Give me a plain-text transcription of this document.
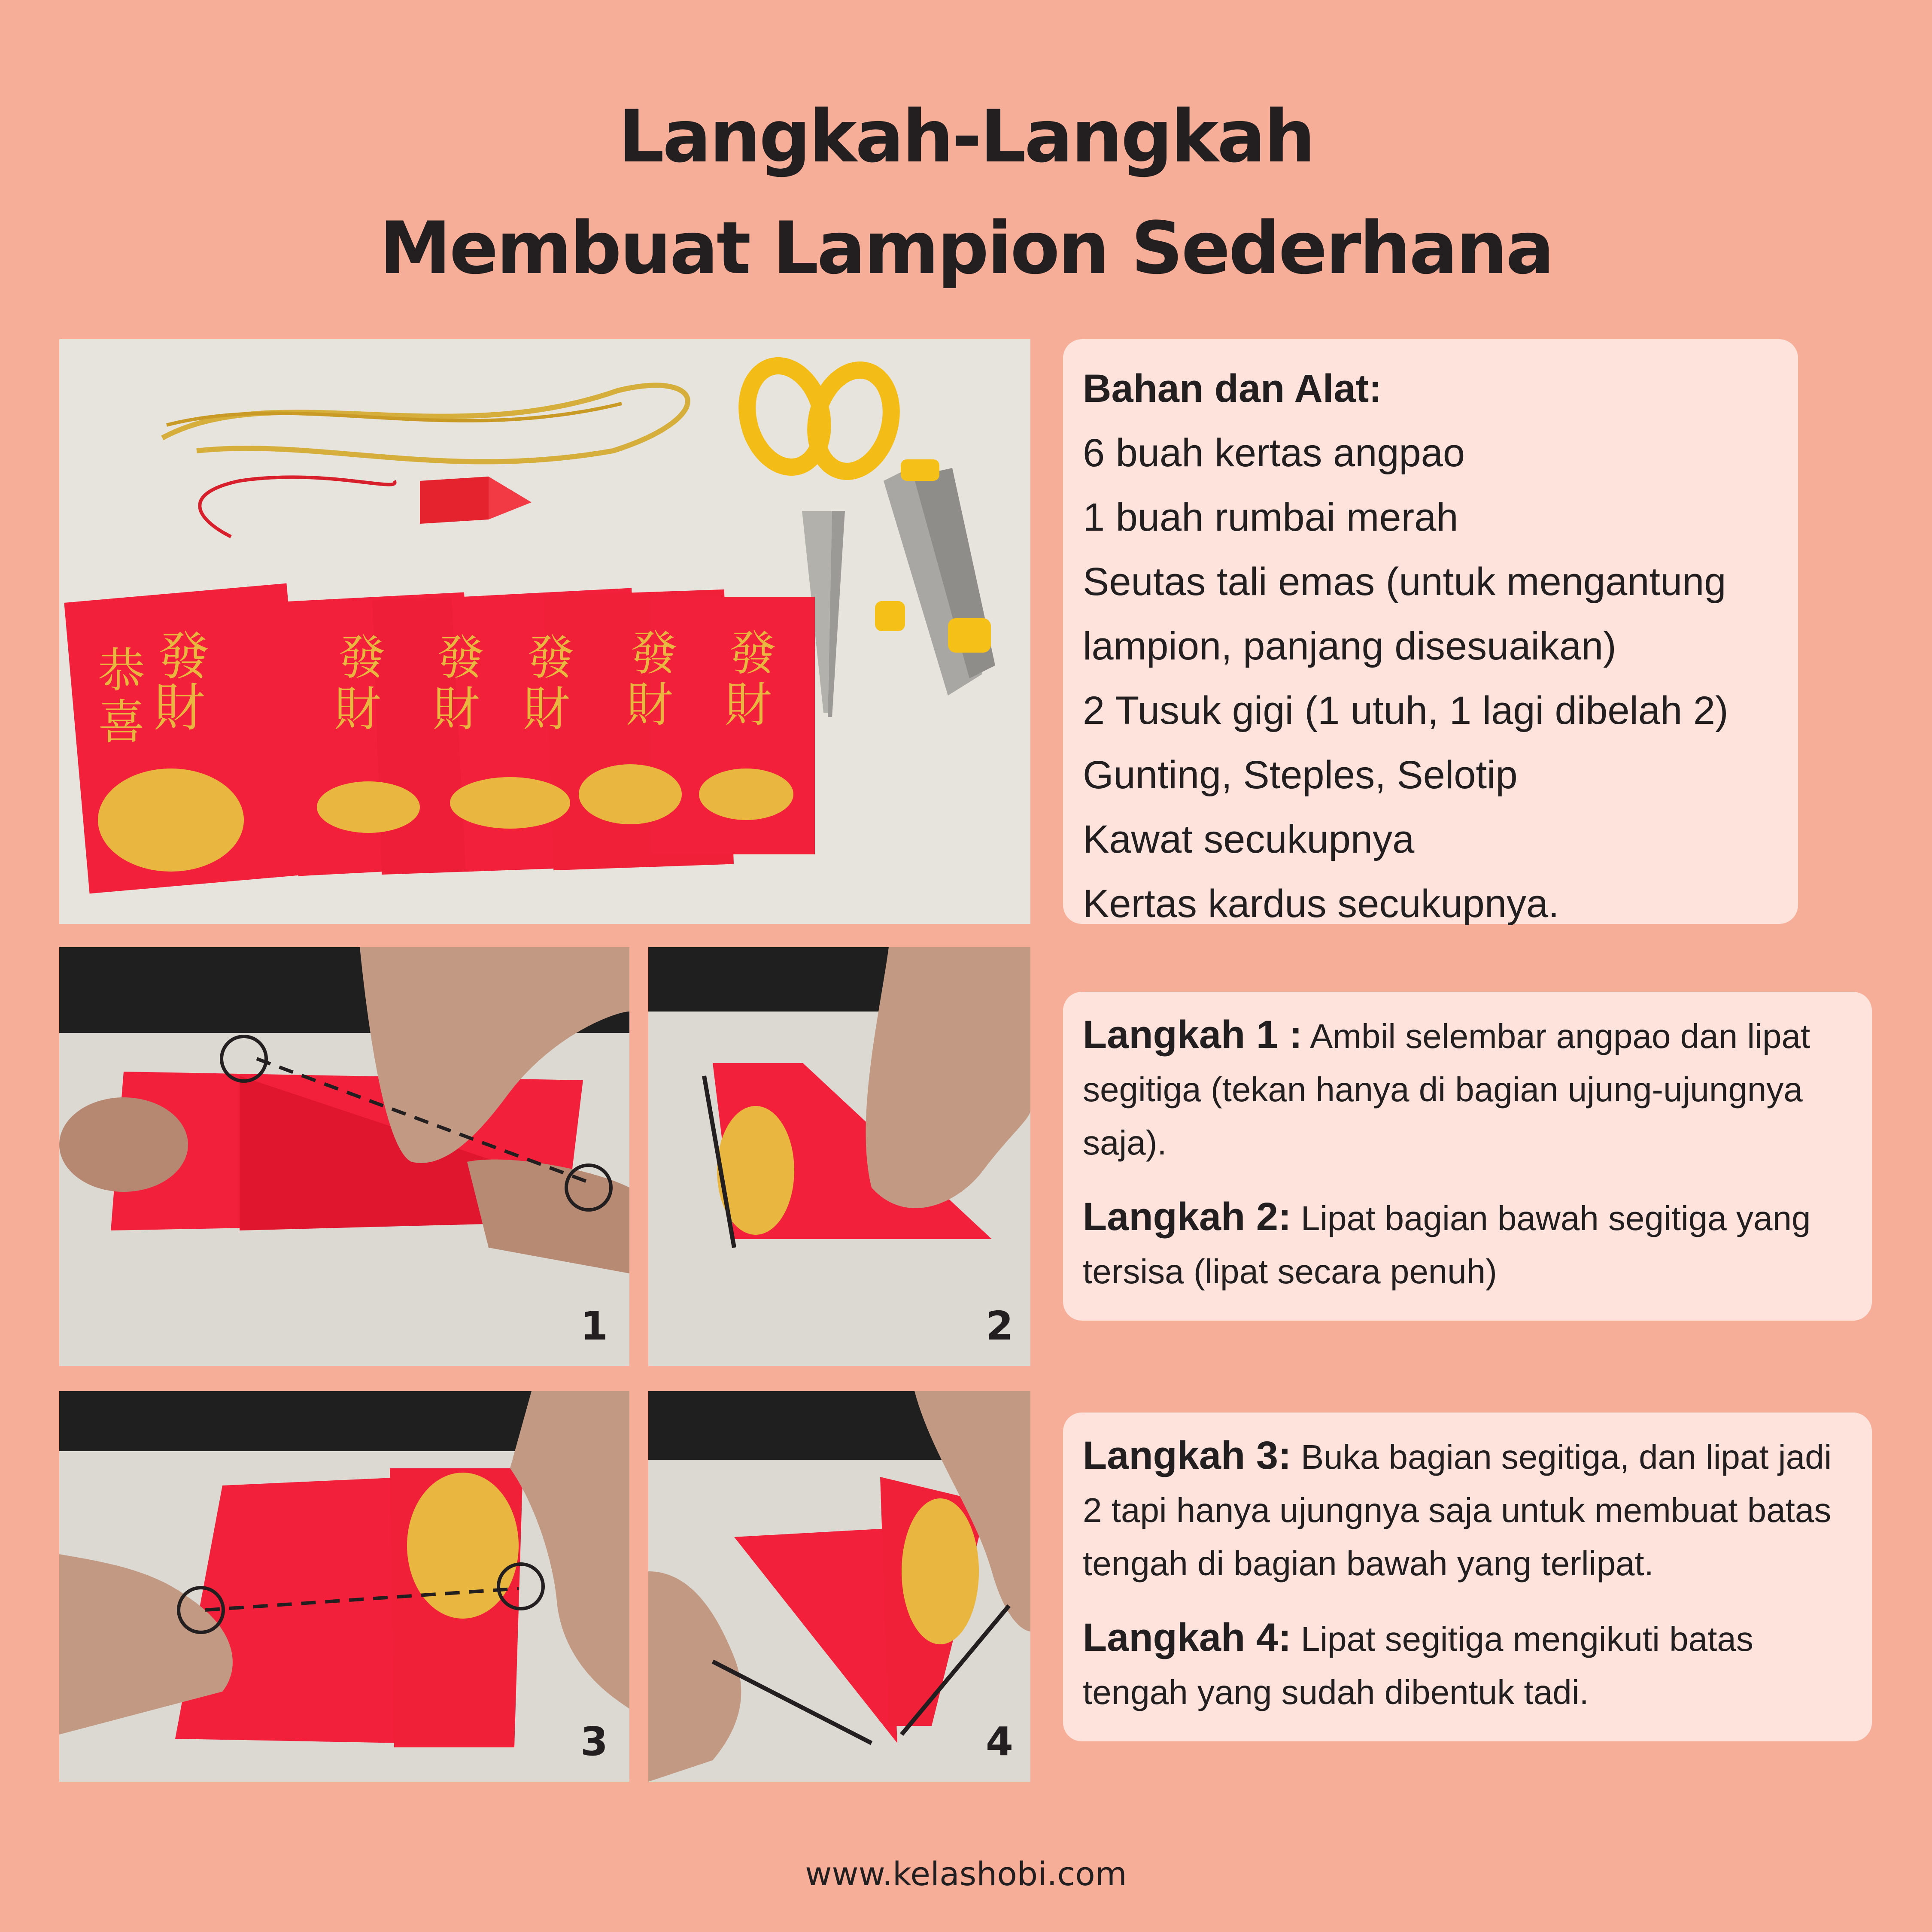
Langkah-Langkah
Membuat Lampion Sederhana
發
財
恭
喜
發
財
發
財
發
財
發
財
發
財
Bahan dan Alat:
6 buah kertas angpao
1 buah rumbai merah
Seutas tali emas (untuk mengantung
lampion, panjang disesuaikan)
2 Tusuk gigi (1 utuh, 1 lagi dibelah 2)
Gunting, Steples, Selotip
Kawat secukupnya
Kertas kardus secukupnya.
1	2
3	4
Langkah 1 : Ambil selembar angpao dan lipat segitiga (tekan hanya di bagian ujung-ujungnya saja).
Langkah 2: Lipat bagian bawah segitiga yang tersisa (lipat secara penuh)
Langkah 3: Buka bagian segitiga, dan lipat jadi 2 tapi hanya ujungnya saja untuk membuat batas tengah di bagian bawah yang terlipat.
Langkah 4: Lipat segitiga mengikuti batas tengah yang sudah dibentuk tadi.
www.kelashobi.com
